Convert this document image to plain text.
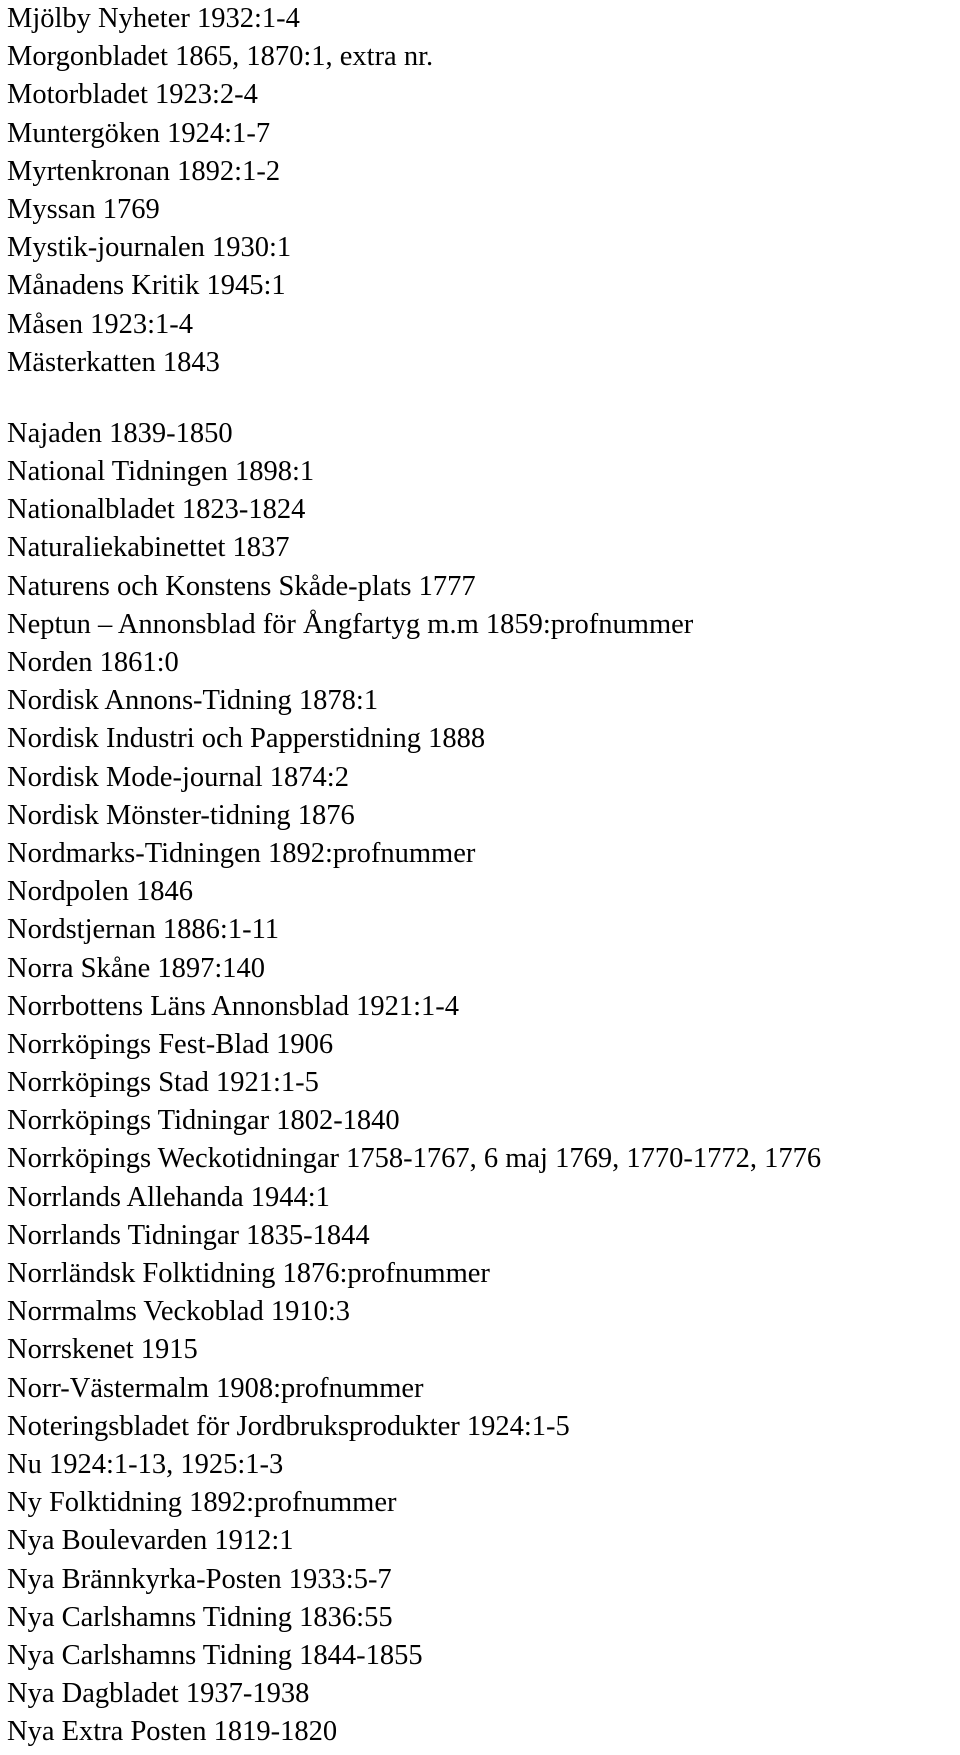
Mjölby Nyheter 1932:1-4
Morgonbladet 1865, 1870:1, extra nr.
Motorbladet 1923:2-4
Muntergöken 1924:1-7
Myrtenkronan 1892:1-2
Myssan 1769
Mystik-journalen 1930:1
Månadens Kritik 1945:1
Måsen 1923:1-4
Mästerkatten 1843
Najaden 1839-1850
National Tidningen 1898:1
Nationalbladet 1823-1824
Naturaliekabinettet 1837
Naturens och Konstens Skåde-plats 1777
Neptun – Annonsblad för Ångfartyg m.m 1859:profnummer
Norden 1861:0
Nordisk Annons-Tidning 1878:1
Nordisk Industri och Papperstidning 1888
Nordisk Mode-journal 1874:2
Nordisk Mönster-tidning 1876
Nordmarks-Tidningen 1892:profnummer
Nordpolen 1846
Nordstjernan 1886:1-11
Norra Skåne 1897:140
Norrbottens Läns Annonsblad 1921:1-4
Norrköpings Fest-Blad 1906
Norrköpings Stad 1921:1-5
Norrköpings Tidningar 1802-1840
Norrköpings Weckotidningar 1758-1767, 6 maj 1769, 1770-1772, 1776
Norrlands Allehanda 1944:1
Norrlands Tidningar 1835-1844
Norrländsk Folktidning 1876:profnummer
Norrmalms Veckoblad 1910:3
Norrskenet 1915
Norr-Västermalm 1908:profnummer
Noteringsbladet för Jordbruksprodukter 1924:1-5
Nu 1924:1-13, 1925:1-3
Ny Folktidning 1892:profnummer
Nya Boulevarden 1912:1
Nya Brännkyrka-Posten 1933:5-7
Nya Carlshamns Tidning 1836:55
Nya Carlshamns Tidning 1844-1855
Nya Dagbladet 1937-1938
Nya Extra Posten 1819-1820
